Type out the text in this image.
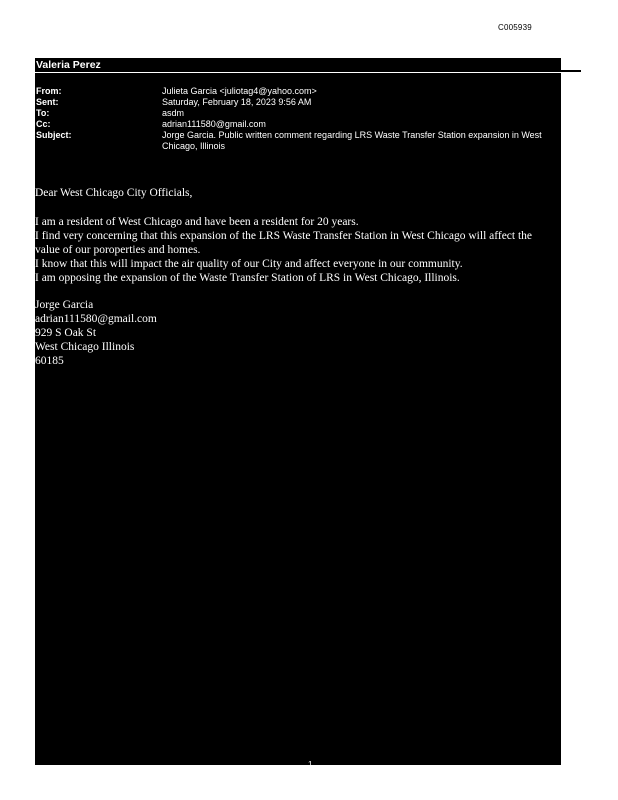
C005939
Valeria Perez
From:	Julieta Garcia <juliotag4@yahoo.com>
Sent:	Saturday, February 18, 2023 9:56 AM
To:	asdm
Cc:	adrian111580@gmail.com
Subject:	Jorge Garcia. Public written comment regarding LRS Waste Transfer Station expansion in West Chicago, Illinois
Dear West Chicago City Officials,
I am a resident of West Chicago and have been a resident for 20 years.
I find very concerning that this expansion of the LRS Waste Transfer Station in West Chicago will affect the
value of our poroperties and homes.
I know that this will impact the air quality of our City and affect everyone in our community.
I am opposing the expansion of the Waste Transfer Station of LRS in West Chicago, Illinois.
Jorge Garcia
adrian111580@gmail.com
929 S Oak St
West Chicago Illinois
60185
1
